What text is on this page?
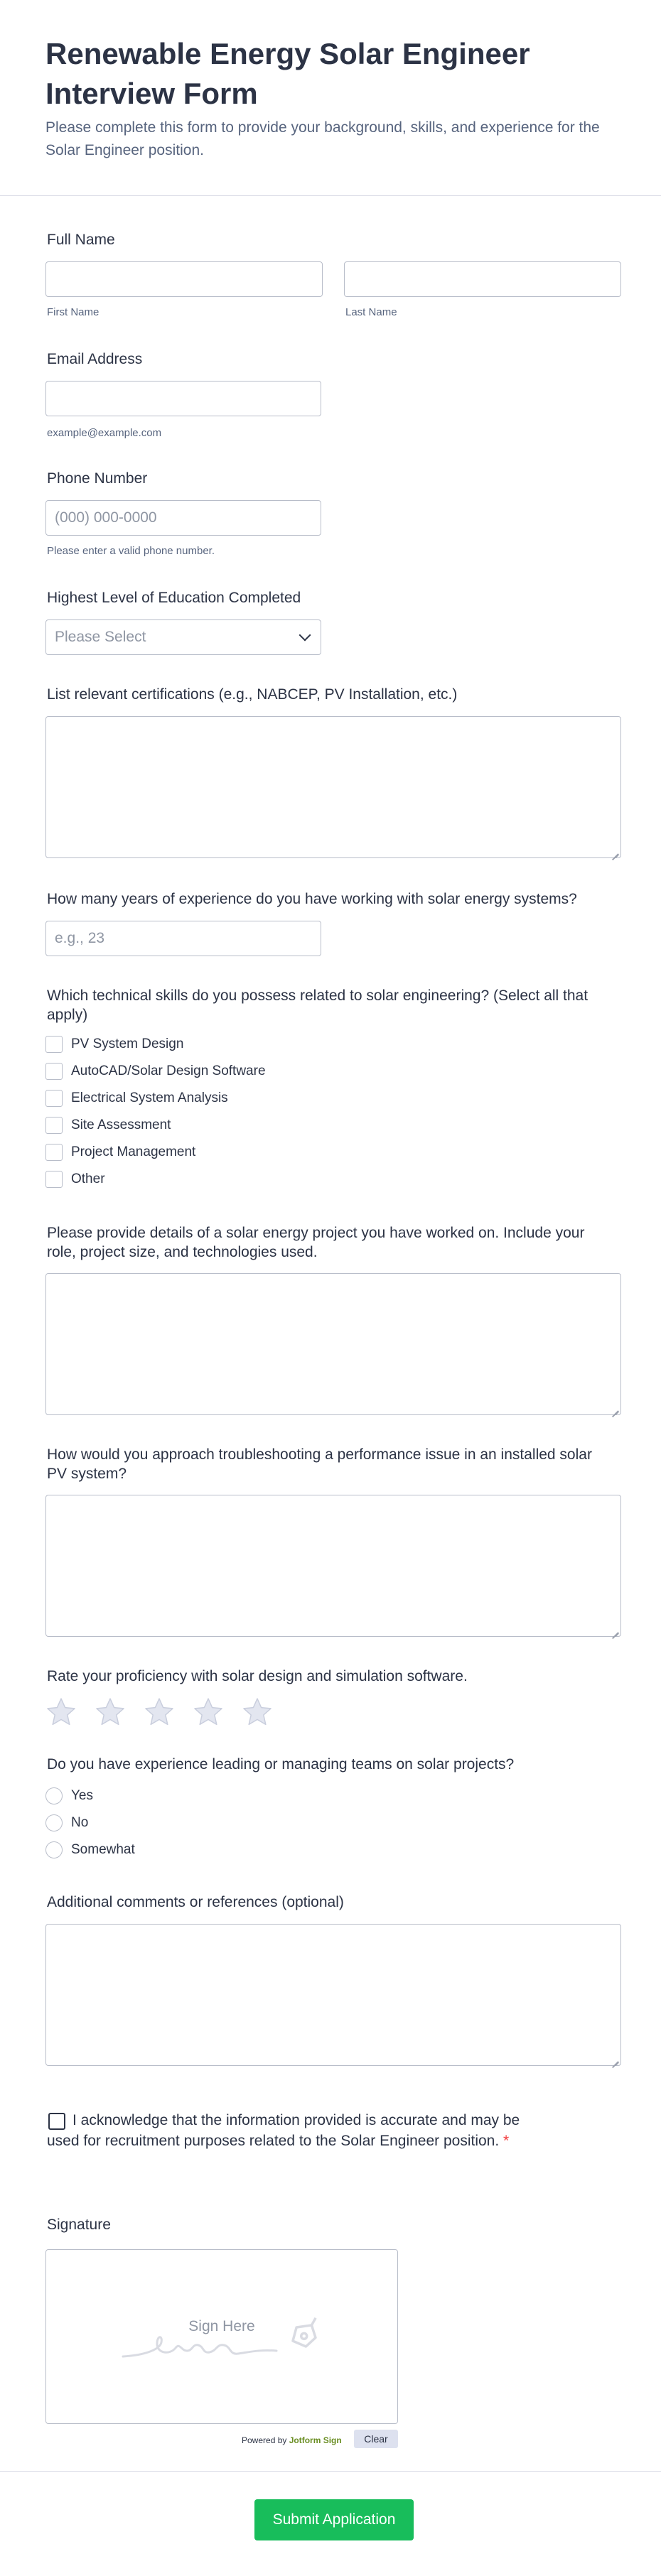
Renewable Energy Solar Engineer Interview Form

Please complete this form to provide your background, skills, and experience for the Solar Engineer position.

Full Name
First Name	Last Name
Email Address
example@example.com
Phone Number
(000) 000-0000
Please enter a valid phone number.
Highest Level of Education Completed
Please Select
List relevant certifications (e.g., NABCEP, PV Installation, etc.)
How many years of experience do you have working with solar energy systems?
e.g., 23
Which technical skills do you possess related to solar engineering? (Select all that apply)
PV System Design
AutoCAD/Solar Design Software
Electrical System Analysis
Site Assessment
Project Management
Other
Please provide details of a solar energy project you have worked on. Include your role, project size, and technologies used.
How would you approach troubleshooting a performance issue in an installed solar PV system?
Rate your proficiency with solar design and simulation software.
Do you have experience leading or managing teams on solar projects?
Yes
No
Somewhat
Additional comments or references (optional)
I acknowledge that the information provided is accurate and may be used for recruitment purposes related to the Solar Engineer position. *
Signature
Sign Here
Powered by Jotform Sign	Clear
Submit Application
